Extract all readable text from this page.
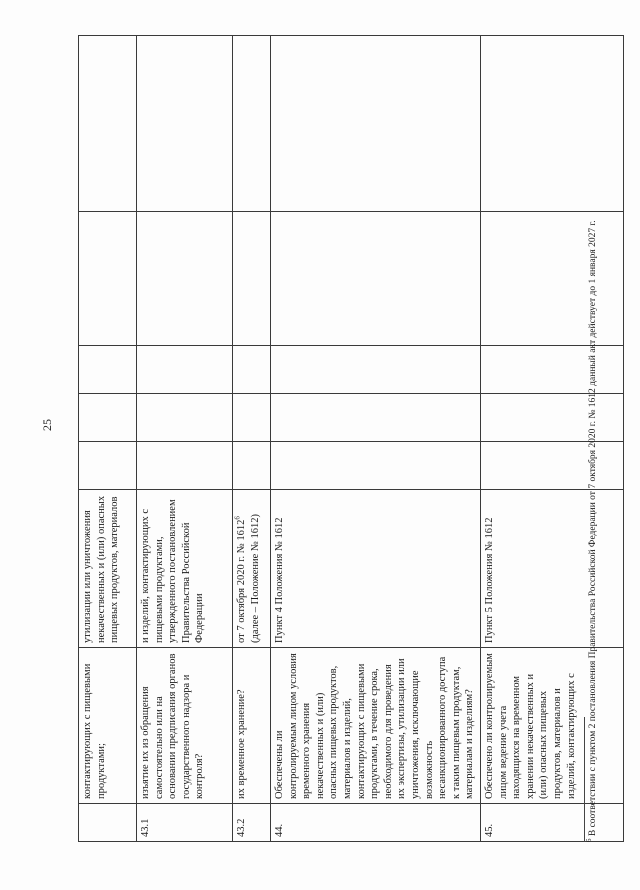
25
	контактирующих с пищевыми продуктами;	утилизации или уничтожения некачественных и (или) опасных пищевых продуктов, материалов					
43.1	изъятие их из обращения самостоятельно или на основании предписания органов государственного надзора и контроля?	и изделий, контактирующих с пищевыми продуктами, утвержденного постановлением Правительства Российской Федерации					
43.2	их временное хранение?	от 7 октября 2020 г. № 1612$^6$ (далее – Положение № 1612)					
44.	Обеспечены ли контролируемым лицом условия временного хранения некачественных и (или) опасных пищевых продуктов, материалов и изделий, контактирующих с пищевыми продуктами, в течение срока, необходимого для проведения их экспертизы, утилизации или уничтожения, исключающие возможность несанкционированного доступа к таким пищевым продуктам, материалам и изделиям?	Пункт 4 Положения № 1612					
45.	Обеспечено ли контролируемым лицом ведение учета находящихся на временном хранении некачественных и (или) опасных пищевых продуктов, материалов и изделий, контактирующих с	Пункт 5 Положения № 1612					
$^6$ В соответствии с пунктом 2 постановления Правительства Российской Федерации от 7 октября 2020 г. № 1612 данный акт действует до 1 января 2027 г.
